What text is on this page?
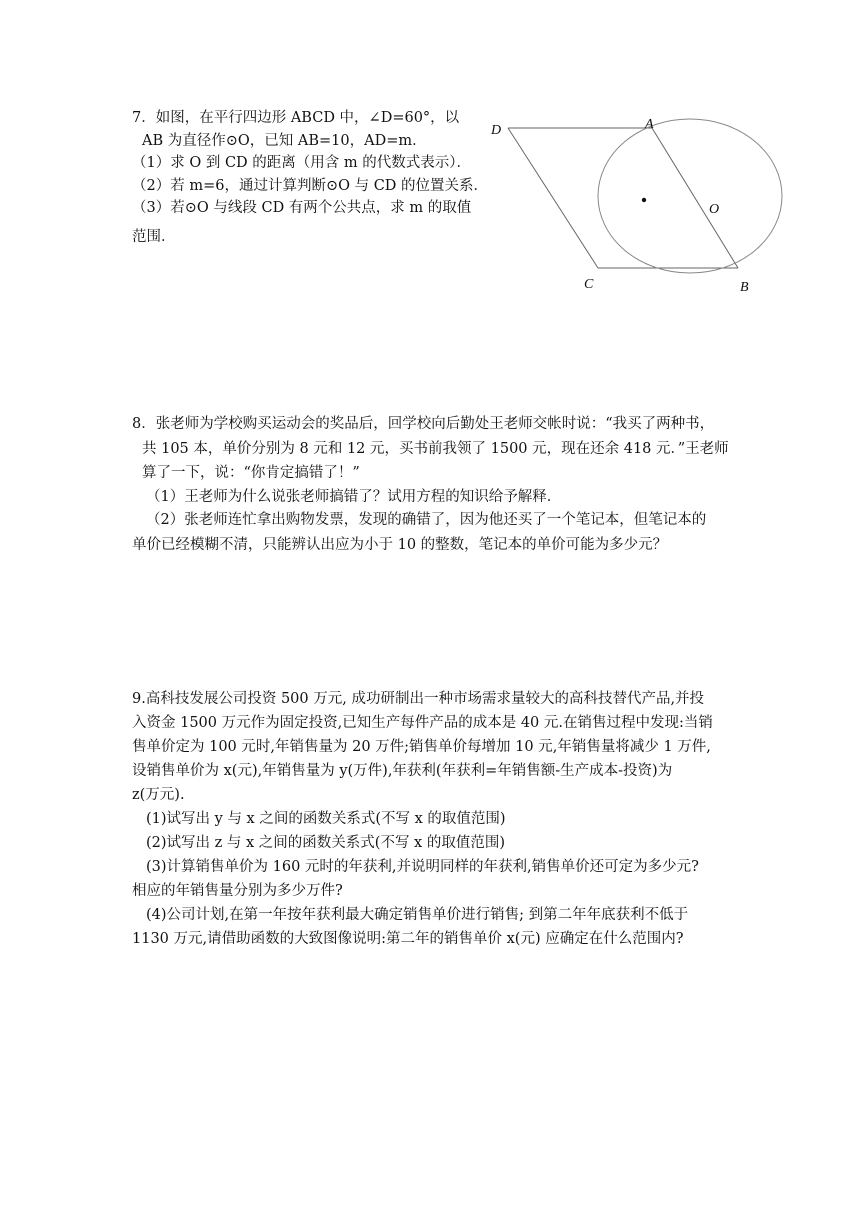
7．如图，在平行四边形 ABCD 中，∠D=60°，以
AB 为直径作⊙O，已知 AB=10，AD=m．
（1）求 O 到 CD 的距离（用含 m 的代数式表示）．
（2）若 m=6，通过计算判断⊙O 与 CD 的位置关系．
（3）若⊙O 与线段 CD 有两个公共点，求 m 的取值
范围．
D	A
O
C	B
8．张老师为学校购买运动会的奖品后，回学校向后勤处王老师交帐时说：“我买了两种书，
共 105 本，单价分别为 8 元和 12 元，买书前我领了 1500 元，现在还余 418 元．”王老师
算了一下，说：“你肯定搞错了！”
（1）王老师为什么说张老师搞错了？试用方程的知识给予解释．
（2）张老师连忙拿出购物发票，发现的确错了，因为他还买了一个笔记本，但笔记本的
单价已经模糊不清，只能辨认出应为小于 10 的整数，笔记本的单价可能为多少元？
9.高科技发展公司投资 500 万元, 成功研制出一种市场需求量较大的高科技替代产品,并投
入资金 1500 万元作为固定投资,已知生产每件产品的成本是 40 元.在销售过程中发现:当销
售单价定为 100 元时,年销售量为 20 万件;销售单价每增加 10 元,年销售量将减少 1 万件,
设销售单价为 x(元),年销售量为 y(万件),年获利(年获利=年销售额-生产成本-投资)为
z(万元).
(1)试写出 y 与 x 之间的函数关系式(不写 x 的取值范围)
(2)试写出 z 与 x 之间的函数关系式(不写 x 的取值范围)
(3)计算销售单价为 160 元时的年获利,并说明同样的年获利,销售单价还可定为多少元?
相应的年销售量分别为多少万件?
(4)公司计划,在第一年按年获利最大确定销售单价进行销售; 到第二年年底获利不低于
1130 万元,请借助函数的大致图像说明:第二年的销售单价 x(元) 应确定在什么范围内?
